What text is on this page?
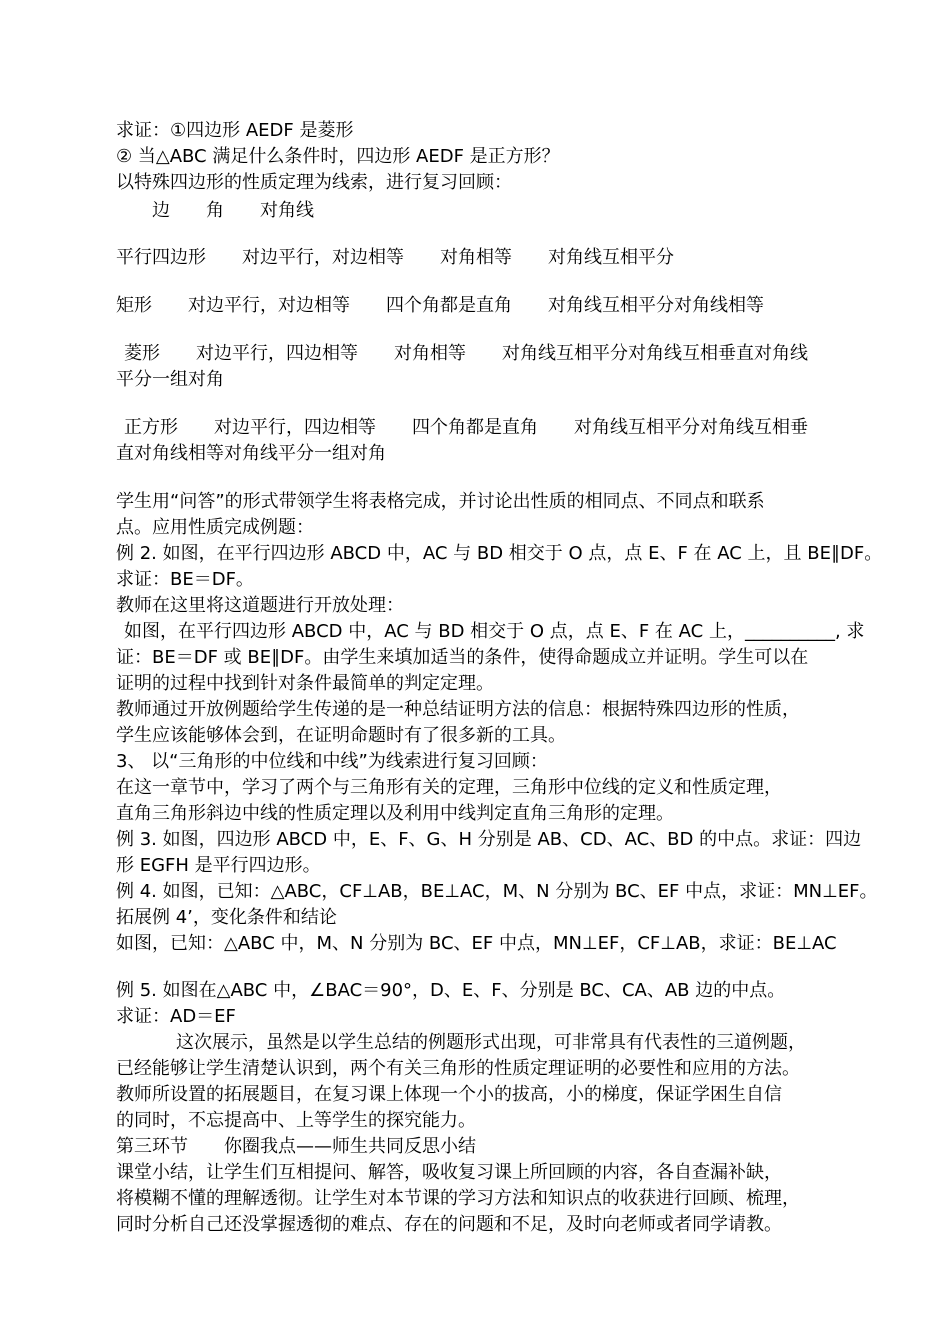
求证：①四边形 AEDF 是菱形
② 当△ABC 满足什么条件时，四边形 AEDF 是正方形？
以特殊四边形的性质定理为线索，进行复习回顾：
边　　角　　对角线
平行四边形　　对边平行，对边相等　　对角相等　　对角线互相平分
矩形　　对边平行，对边相等　　四个角都是直角　　对角线互相平分对角线相等
菱形　　对边平行，四边相等　　对角相等　　对角线互相平分对角线互相垂直对角线
平分一组对角
正方形　　对边平行，四边相等　　四个角都是直角　　对角线互相平分对角线互相垂
直对角线相等对角线平分一组对角
学生用“问答”的形式带领学生将表格完成，并讨论出性质的相同点、不同点和联系
点。应用性质完成例题：
例 2. 如图，在平行四边形 ABCD 中，AC 与 BD 相交于 O 点，点 E、F 在 AC 上，且 BE∥DF。
求证：BE＝DF。
教师在这里将这道题进行开放处理：
如图，在平行四边形 ABCD 中，AC 与 BD 相交于 O 点，点 E、F 在 AC 上，__________, 求
证：BE＝DF 或 BE∥DF。由学生来填加适当的条件，使得命题成立并证明。学生可以在
证明的过程中找到针对条件最简单的判定定理。
教师通过开放例题给学生传递的是一种总结证明方法的信息：根据特殊四边形的性质，
学生应该能够体会到，在证明命题时有了很多新的工具。
3、 以“三角形的中位线和中线”为线索进行复习回顾：
在这一章节中，学习了两个与三角形有关的定理，三角形中位线的定义和性质定理，
直角三角形斜边中线的性质定理以及利用中线判定直角三角形的定理。
例 3. 如图，四边形 ABCD 中，E、F、G、H 分别是 AB、CD、AC、BD 的中点。求证：四边
形 EGFH 是平行四边形。
例 4. 如图，已知：△ABC，CF⊥AB，BE⊥AC，M、N 分别为 BC、EF 中点，求证：MN⊥EF。
拓展例 4’，变化条件和结论
如图，已知：△ABC 中，M、N 分别为 BC、EF 中点，MN⊥EF，CF⊥AB，求证：BE⊥AC
例 5. 如图在△ABC 中，∠BAC＝90°，D、E、F、分别是 BC、CA、AB 边的中点。
求证：AD＝EF
这次展示，虽然是以学生总结的例题形式出现，可非常具有代表性的三道例题，
已经能够让学生清楚认识到，两个有关三角形的性质定理证明的必要性和应用的方法。
教师所设置的拓展题目，在复习课上体现一个小的拔高，小的梯度，保证学困生自信
的同时，不忘提高中、上等学生的探究能力。
第三环节　　你圈我点——师生共同反思小结
课堂小结，让学生们互相提问、解答，吸收复习课上所回顾的内容，各自查漏补缺，
将模糊不懂的理解透彻。让学生对本节课的学习方法和知识点的收获进行回顾、梳理，
同时分析自己还没掌握透彻的难点、存在的问题和不足，及时向老师或者同学请教。
